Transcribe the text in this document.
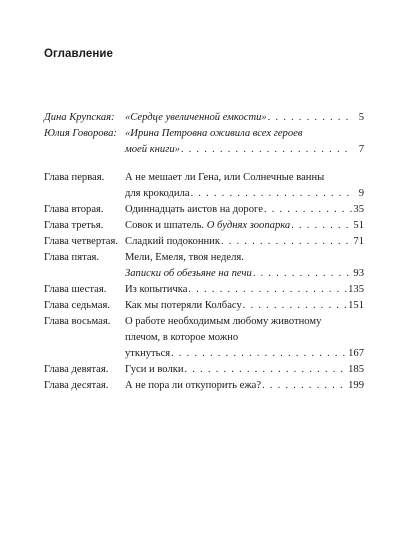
Оглавление
Дина Крупская: «Сердце увеличенной емкости» . . .	5
Юлия Говорова: «Ирина Петровна оживила всех героев
моей книги» . . .	7
Глава первая.	А не мешает ли Гена, или Солнечные ванны
для крокодила . . .	9
Глава вторая.	Одиннадцать аистов на дороге . . .	35
Глава третья.	Совок и шпатель.
О буднях зоопарка . . .	51
Глава четвертая. Сладкий подоконник . . .	71
Глава пятая.	Мели, Емеля, твоя неделя.
Записки об обезьяне на печи . . .	93
Глава шестая.	Из копытичка . . .	135
Глава седьмая.	Как мы потеряли Колбасу . . .	151
Глава восьмая.	О работе необходимым любому животному
плечом, в которое можно
уткнуться . . .	167
Глава девятая.	Гуси и волки . . .	185
Глава десятая.	А не пора ли откупорить ежа? . . .	199
